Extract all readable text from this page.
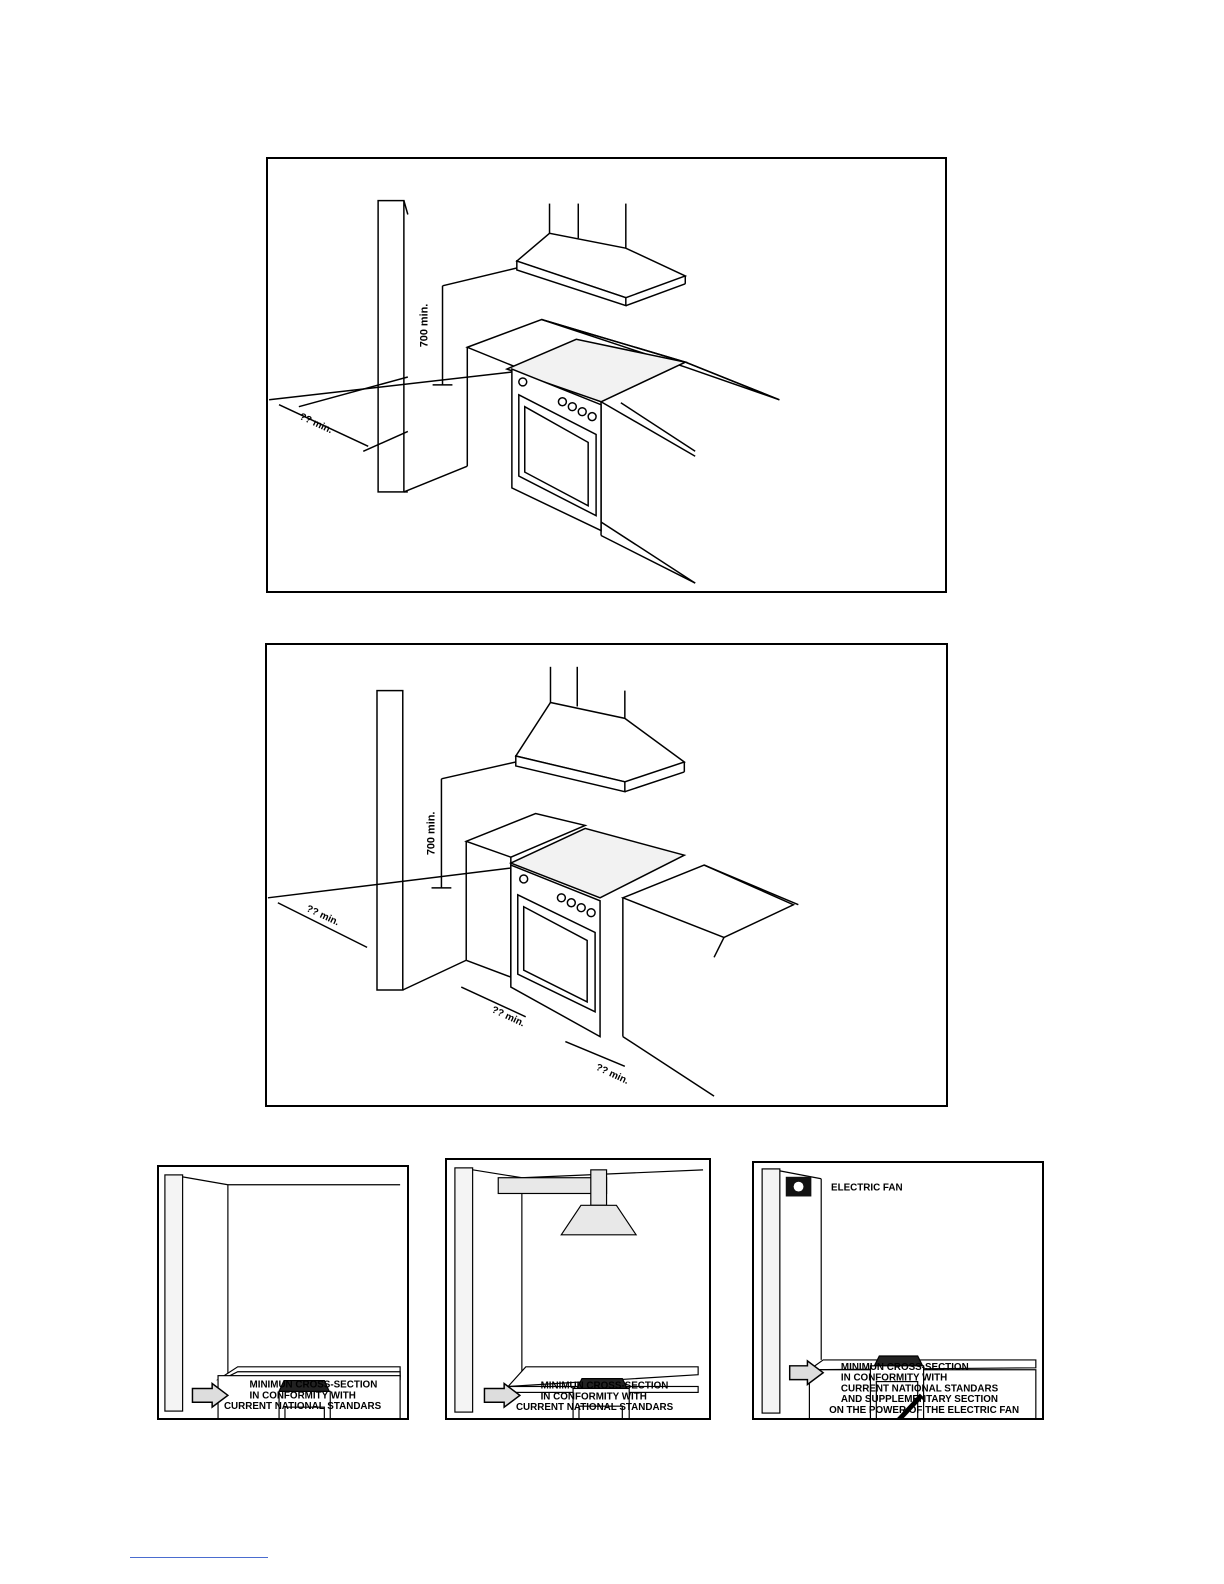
700 min.
?? min.
700 min.
?? min.
?? min.
?? min.
MINIMUN CROSS-SECTION
IN CONFORMITY WITH
CURRENT NATIONAL STANDARS
MINIMUN CROSS-SECTION
IN CONFORMITY WITH
CURRENT NATIONAL STANDARS
ELECTRIC FAN
MINIMUN CROSS-SECTION
IN CONFORMITY WITH
CURRENT NATIONAL STANDARS
AND SUPPLEMENTARY SECTION
ON THE POWER OF THE ELECTRIC FAN
